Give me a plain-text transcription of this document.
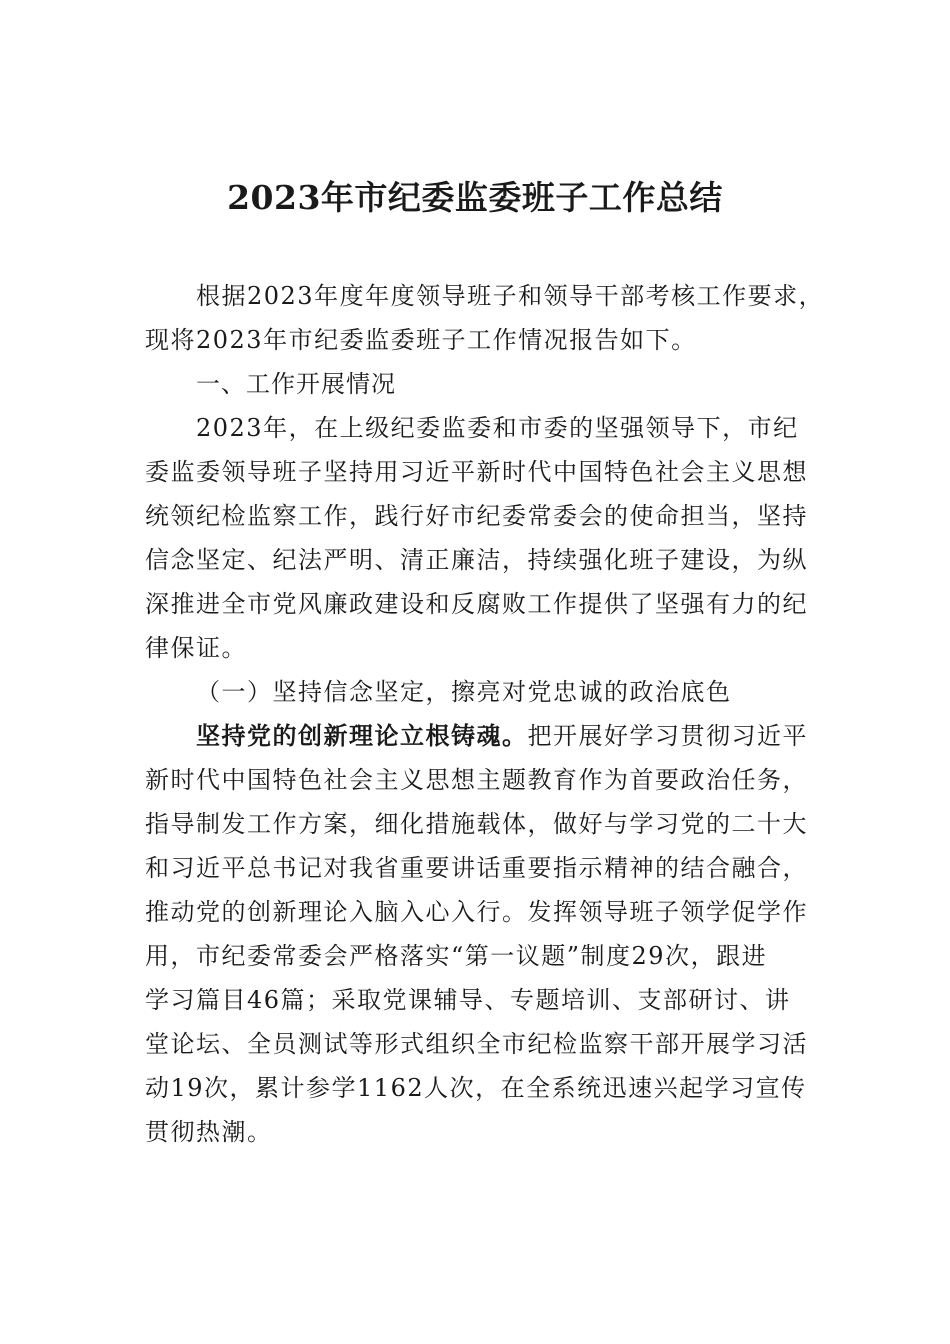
2023年市纪委监委班子工作总结
根据2023年度年度领导班子和领导干部考核工作要求，
现将2023年市纪委监委班子工作情况报告如下。
一、工作开展情况
2023年，在上级纪委监委和市委的坚强领导下，市纪
委监委领导班子坚持用习近平新时代中国特色社会主义思想
统领纪检监察工作，践行好市纪委常委会的使命担当，坚持
信念坚定、纪法严明、清正廉洁，持续强化班子建设，为纵
深推进全市党风廉政建设和反腐败工作提供了坚强有力的纪
律保证。
（一）坚持信念坚定，擦亮对党忠诚的政治底色
坚持党的创新理论立根铸魂。把开展好学习贯彻习近平
新时代中国特色社会主义思想主题教育作为首要政治任务，
指导制发工作方案，细化措施载体，做好与学习党的二十大
和习近平总书记对我省重要讲话重要指示精神的结合融合，
推动党的创新理论入脑入心入行。发挥领导班子领学促学作
用，市纪委常委会严格落实“第一议题”制度29次，跟进
学习篇目46篇；采取党课辅导、专题培训、支部研讨、讲
堂论坛、全员测试等形式组织全市纪检监察干部开展学习活
动19次，累计参学1162人次，在全系统迅速兴起学习宣传
贯彻热潮。
